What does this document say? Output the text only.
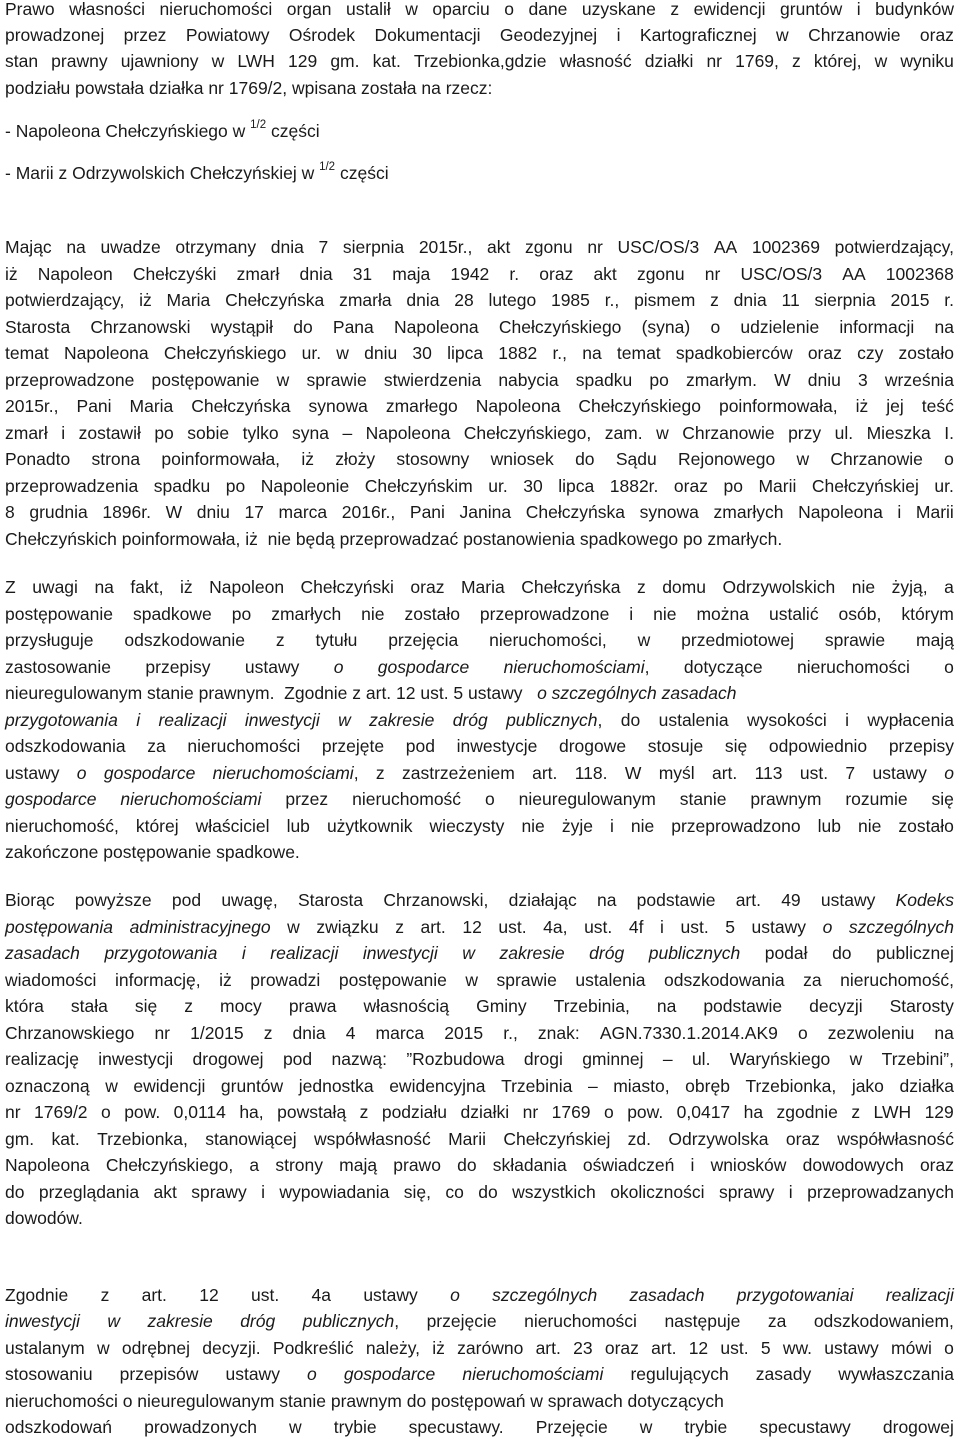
Prawo własności nieruchomości organ ustalił w oparciu o dane uzyskane z ewidencji gruntów i budynków
prowadzonej przez Powiatowy Ośrodek Dokumentacji Geodezyjnej i Kartograficznej w Chrzanowie oraz
stan prawny ujawniony w LWH 129 gm. kat. Trzebionka,gdzie własność działki nr 1769, z której, w wyniku
podziału powstała działka nr 1769/2, wpisana została na rzecz:
- Napoleona Chełczyńskiego w $^{1/2}$ części
- Marii z Odrzywolskich Chełczyńskiej w $^{1/2}$ części
Mając na uwadze otrzymany dnia 7 sierpnia 2015r., akt zgonu nr USC/OS/3 AA 1002369 potwierdzający,
iż Napoleon Chełczyśki zmarł dnia 31 maja 1942 r. oraz akt zgonu nr USC/OS/3 AA 1002368
potwierdzający, iż Maria Chełczyńska zmarła dnia 28 lutego 1985 r., pismem z dnia 11 sierpnia 2015 r.
Starosta Chrzanowski wystąpił do Pana Napoleona Chełczyńskiego (syna) o udzielenie informacji na
temat Napoleona Chełczyńskiego ur. w dniu 30 lipca 1882 r., na temat spadkobierców oraz czy zostało
przeprowadzone postępowanie w sprawie stwierdzenia nabycia spadku po zmarłym. W dniu 3 września
2015r., Pani Maria Chełczyńska synowa zmarłego Napoleona Chełczyńskiego poinformowała, iż jej teść
zmarł i zostawił po sobie tylko syna – Napoleona Chełczyńskiego, zam. w Chrzanowie przy ul. Mieszka I.
Ponadto strona poinformowała, iż złoży stosowny wniosek do Sądu Rejonowego w Chrzanowie o
przeprowadzenia spadku po Napoleonie Chełczyńskim ur. 30 lipca 1882r. oraz po Marii Chełczyńskiej ur.
8 grudnia 1896r. W dniu 17 marca 2016r., Pani Janina Chełczyńska synowa zmarłych Napoleona i Marii
Chełczyńskich poinformowała, iż  nie będą przeprowadzać postanowienia spadkowego po zmarłych.
Z uwagi na fakt, iż Napoleon Chełczyński oraz Maria Chełczyńska z domu Odrzywolskich nie żyją, a
postępowanie spadkowe po zmarłych nie zostało przeprowadzone i nie można ustalić osób, którym
przysługuje odszkodowanie z tytułu przejęcia nieruchomości, w przedmiotowej sprawie mają
zastosowanie przepisy ustawy o gospodarce nieruchomościami, dotyczące nieruchomości o
nieuregulowanym stanie prawnym.  Zgodnie z art. 12 ust. 5 ustawy   o szczególnych zasadach
przygotowania i realizacji inwestycji w zakresie dróg publicznych, do ustalenia wysokości i wypłacenia
odszkodowania za nieruchomości przejęte pod inwestycje drogowe stosuje się odpowiednio przepisy
ustawy o gospodarce nieruchomościami, z zastrzeżeniem art. 118. W myśl art. 113 ust. 7 ustawy o
gospodarce nieruchomościami przez nieruchomość o nieuregulowanym stanie prawnym rozumie się
nieruchomość, której właściciel lub użytkownik wieczysty nie żyje i nie przeprowadzono lub nie zostało
zakończone postępowanie spadkowe.
Biorąc powyższe pod uwagę, Starosta Chrzanowski, działając na podstawie art. 49 ustawy Kodeks
postępowania administracyjnego w związku z art. 12 ust. 4a, ust. 4f i ust. 5 ustawy o szczególnych
zasadach przygotowania i realizacji inwestycji w zakresie dróg publicznych podał do publicznej
wiadomości informację, iż prowadzi postępowanie w sprawie ustalenia odszkodowania za nieruchomość,
która stała się z mocy prawa własnością Gminy Trzebinia, na podstawie decyzji Starosty
Chrzanowskiego nr 1/2015 z dnia 4 marca 2015 r., znak: AGN.7330.1.2014.AK9 o zezwoleniu na
realizację inwestycji drogowej pod nazwą: ”Rozbudowa drogi gminnej – ul. Waryńskiego w Trzebini”,
oznaczoną w ewidencji gruntów jednostka ewidencyjna Trzebinia – miasto, obręb Trzebionka, jako działka
nr 1769/2 o pow. 0,0114 ha, powstałą z podziału działki nr 1769 o pow. 0,0417 ha zgodnie z LWH 129
gm. kat. Trzebionka, stanowiącej współwłasność Marii Chełczyńskiej zd. Odrzywolska oraz współwłasność
Napoleona Chełczyńskiego, a strony mają prawo do składania oświadczeń i wniosków dowodowych oraz
do przeglądania akt sprawy i wypowiadania się, co do wszystkich okoliczności sprawy i przeprowadzanych
dowodów.
Zgodnie z art. 12 ust. 4a ustawy o szczególnych zasadach przygotowaniai realizacji
inwestycji w zakresie dróg publicznych, przejęcie nieruchomości następuje za odszkodowaniem,
ustalanym w odrębnej decyzji. Podkreślić należy, iż zarówno art. 23 oraz art. 12 ust. 5 ww. ustawy mówi o
stosowaniu przepisów ustawy o gospodarce nieruchomościami regulujących zasady wywłaszczania
nieruchomości o nieuregulowanym stanie prawnym do postępowań w sprawach dotyczących
odszkodowań prowadzonych w trybie specustawy. Przejęcie w trybie specustawy drogowej
